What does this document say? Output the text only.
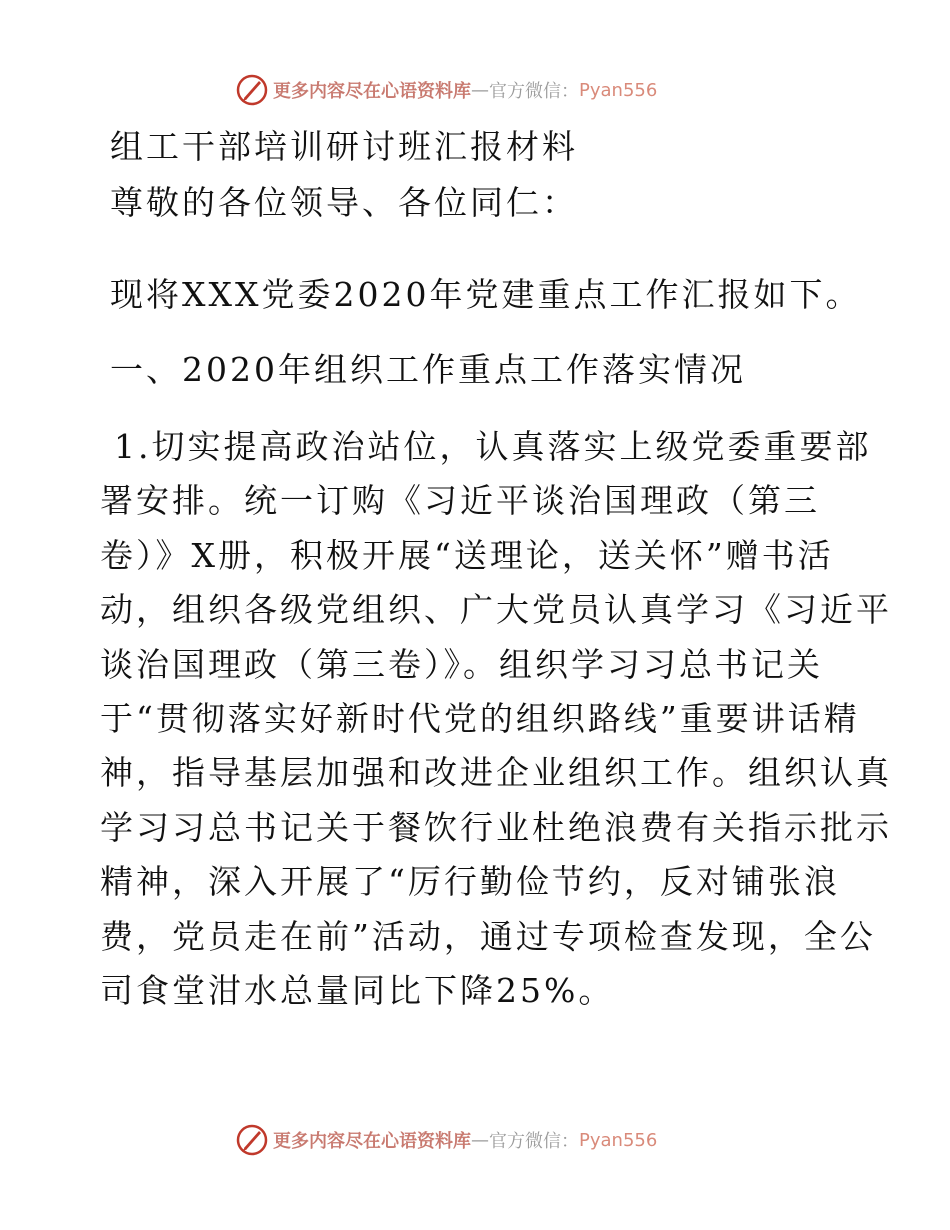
更多内容尽在心语资料库 — 官方微信： Pyan556

组工干部培训研讨班汇报材料

尊敬的各位领导、各位同仁：

现将XXX党委2020年党建重点工作汇报如下。

一、2020年组织工作重点工作落实情况

1.切实提高政治站位，认真落实上级党委重要部
署安排。统一订购《习近平谈治国理政（第三
卷）》X册，积极开展“送理论，送关怀”赠书活
动，组织各级党组织、广大党员认真学习《习近平
谈治国理政（第三卷）》。组织学习习总书记关
于“贯彻落实好新时代党的组织路线”重要讲话精
神，指导基层加强和改进企业组织工作。组织认真
学习习总书记关于餐饮行业杜绝浪费有关指示批示
精神，深入开展了“厉行勤俭节约，反对铺张浪
费，党员走在前”活动，通过专项检查发现，全公
司食堂泔水总量同比下降25%。
更多内容尽在心语资料库 — 官方微信： Pyan556
